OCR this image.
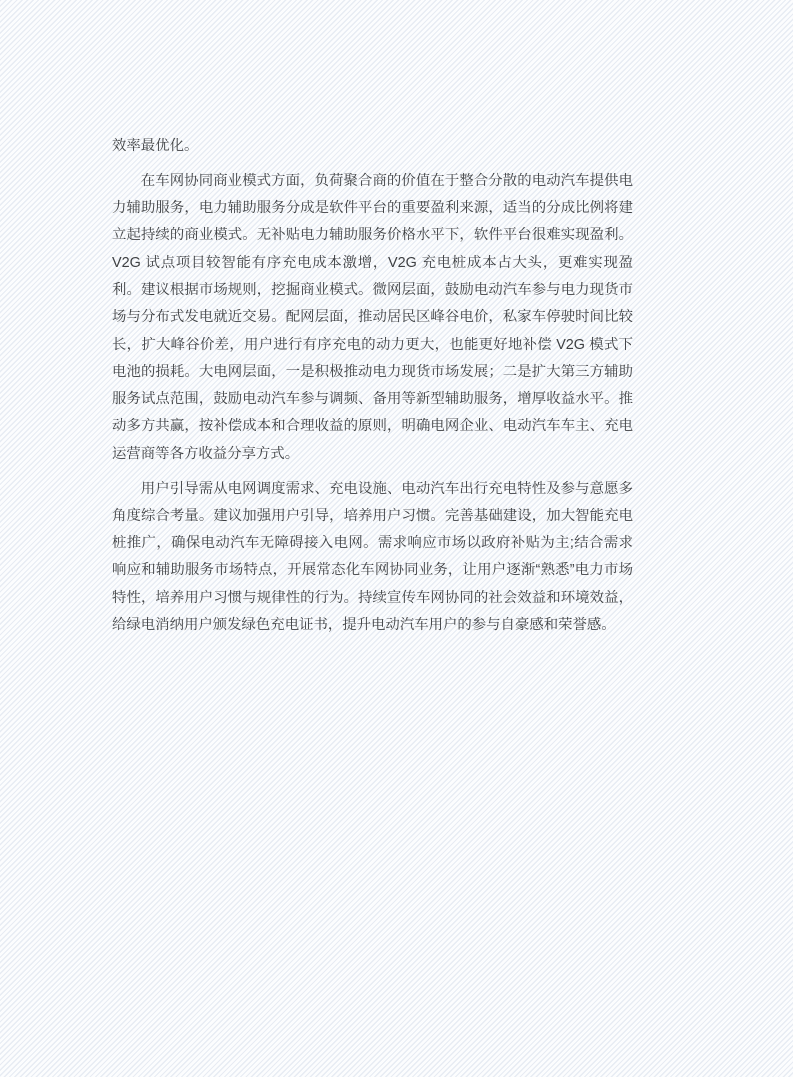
效率最优化。

在车网协同商业模式方面，负荷聚合商的价值在于整合分散的电动汽车提供电力辅助服务，电力辅助服务分成是软件平台的重要盈利来源，适当的分成比例将建立起持续的商业模式。无补贴电力辅助服务价格水平下，软件平台很难实现盈利。V2G 试点项目较智能有序充电成本激增，V2G 充电桩成本占大头，更难实现盈利。建议根据市场规则，挖掘商业模式。微网层面，鼓励电动汽车参与电力现货市场与分布式发电就近交易。配网层面，推动居民区峰谷电价，私家车停驶时间比较长，扩大峰谷价差，用户进行有序充电的动力更大，也能更好地补偿 V2G 模式下电池的损耗。大电网层面，一是积极推动电力现货市场发展；二是扩大第三方辅助服务试点范围，鼓励电动汽车参与调频、备用等新型辅助服务，增厚收益水平。推动多方共赢，按补偿成本和合理收益的原则，明确电网企业、电动汽车车主、充电运营商等各方收益分享方式。

用户引导需从电网调度需求、充电设施、电动汽车出行充电特性及参与意愿多角度综合考量。建议加强用户引导，培养用户习惯。完善基础建设，加大智能充电桩推广，确保电动汽车无障碍接入电网。需求响应市场以政府补贴为主;结合需求响应和辅助服务市场特点，开展常态化车网协同业务，让用户逐渐“熟悉”电力市场特性，培养用户习惯与规律性的行为。持续宣传车网协同的社会效益和环境效益，给绿电消纳用户颁发绿色充电证书，提升电动汽车用户的参与自豪感和荣誉感。
